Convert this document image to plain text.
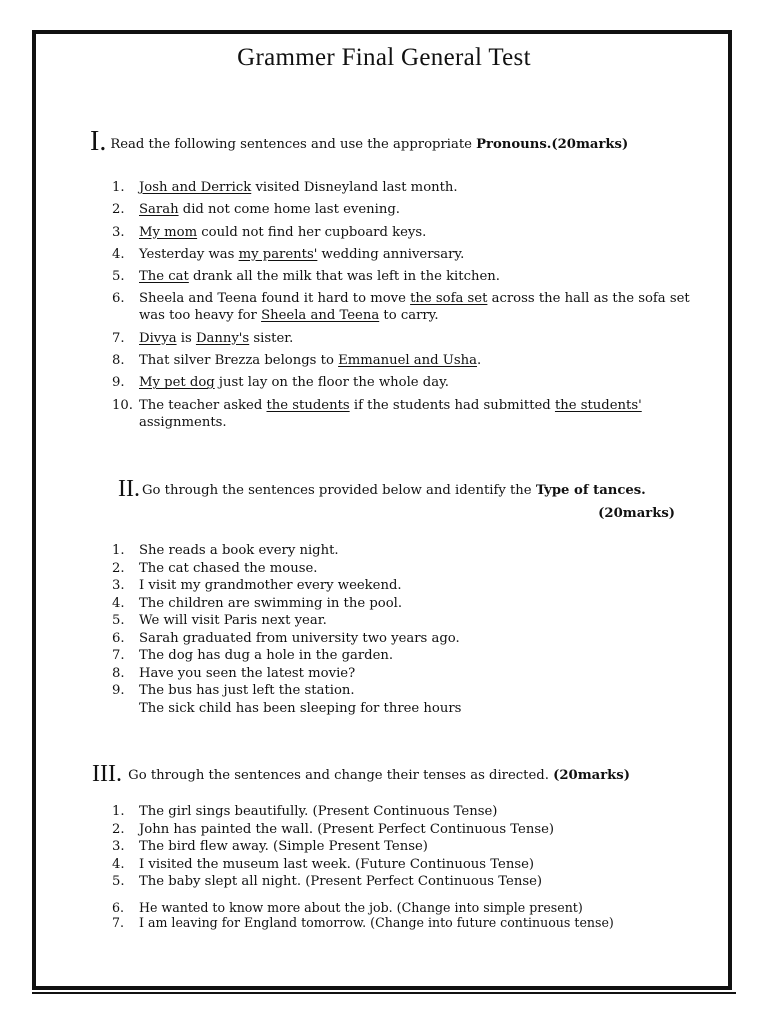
Grammer Final General Test
I. Read the following sentences and use the appropriate Pronouns.(20marks)
1.	Josh and Derrick visited Disneyland last month.
2.	Sarah did not come home last evening.
3.	My mom could not find her cupboard keys.
4.	Yesterday was my parents' wedding anniversary.
5.	The cat drank all the milk that was left in the kitchen.
6.	Sheela and Teena found it hard to move the sofa set across the hall as the sofa set was too heavy for Sheela and Teena to carry.
7.	Divya is Danny's sister.
8.	That silver Brezza belongs to Emmanuel and Usha.
9.	My pet dog just lay on the floor the whole day.
10. The teacher asked the students if the students had submitted the students' assignments.
II. Go through the sentences provided below and identify the Type of tances.
(20marks)
1.	She reads a book every night.
2.	The cat chased the mouse.
3.	I visit my grandmother every weekend.
4.	The children are swimming in the pool.
5.	We will visit Paris next year.
6.	Sarah graduated from university two years ago.
7.	The dog has dug a hole in the garden.
8.	Have you seen the latest movie?
9.	The bus has just left the station.
The sick child has been sleeping for three hours
III. Go through the sentences and change their tenses as directed. (20marks)
1.	The girl sings beautifully. (Present Continuous Tense)
2.	John has painted the wall. (Present Perfect Continuous Tense)
3.	The bird flew away. (Simple Present Tense)
4.	I visited the museum last week. (Future Continuous Tense)
5.	The baby slept all night. (Present Perfect Continuous Tense)
6.	He wanted to know more about the job. (Change into simple present)
7.	I am leaving for England tomorrow. (Change into future continuous tense)
